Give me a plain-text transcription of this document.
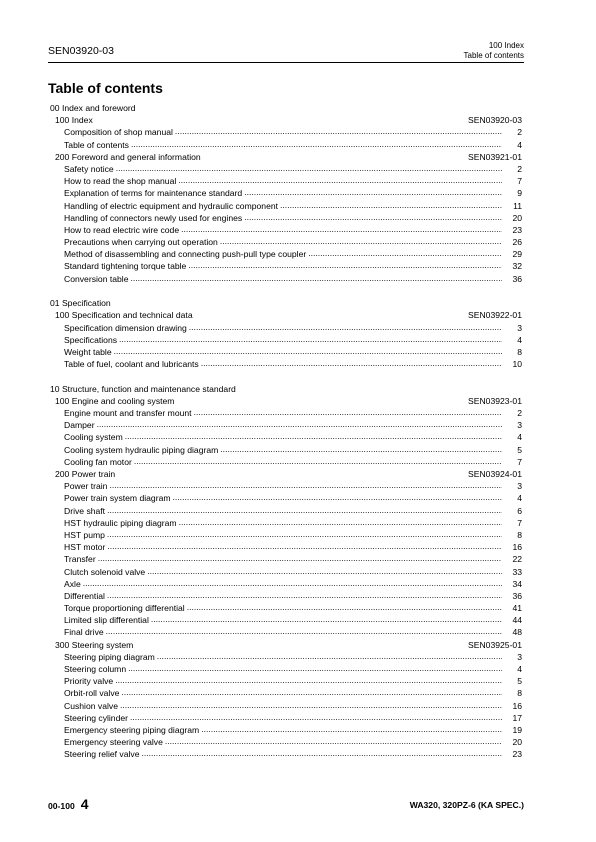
SEN03920-03	100 Index
Table of contents
Table of contents
00 Index and foreword
100 Index	SEN03920-03
Composition of shop manual .....	2
Table of contents .....	4
200 Foreword and general information	SEN03921-01
Safety notice .....	2
How to read the shop manual .....	7
Explanation of terms for maintenance standard .....	9
Handling of electric equipment and hydraulic component .....	11
Handling of connectors newly used for engines .....	20
How to read electric wire code .....	23
Precautions when carrying out operation .....	26
Method of disassembling and connecting push-pull type coupler .....	29
Standard tightening torque table .....	32
Conversion table .....	36
01 Specification
100 Specification and technical data	SEN03922-01
Specification dimension drawing .....	3
Specifications .....	4
Weight table .....	8
Table of fuel, coolant and lubricants .....	10
10 Structure, function and maintenance standard
100 Engine and cooling system	SEN03923-01
Engine mount and transfer mount .....	2
Damper .....	3
Cooling system .....	4
Cooling system hydraulic piping diagram .....	5
Cooling fan motor .....	7
200 Power train	SEN03924-01
Power train .....	3
Power train system diagram .....	4
Drive shaft .....	6
HST hydraulic piping diagram .....	7
HST pump .....	8
HST motor .....	16
Transfer .....	22
Clutch solenoid valve .....	33
Axle .....	34
Differential .....	36
Torque proportioning differential .....	41
Limited slip differential .....	44
Final drive .....	48
300 Steering system	SEN03925-01
Steering piping diagram .....	3
Steering column .....	4
Priority valve .....	5
Orbit-roll valve .....	8
Cushion valve .....	16
Steering cylinder .....	17
Emergency steering piping diagram .....	19
Emergency steering valve .....	20
Steering relief valve .....	23
00-100 4	WA320, 320PZ-6 (KA SPEC.)
